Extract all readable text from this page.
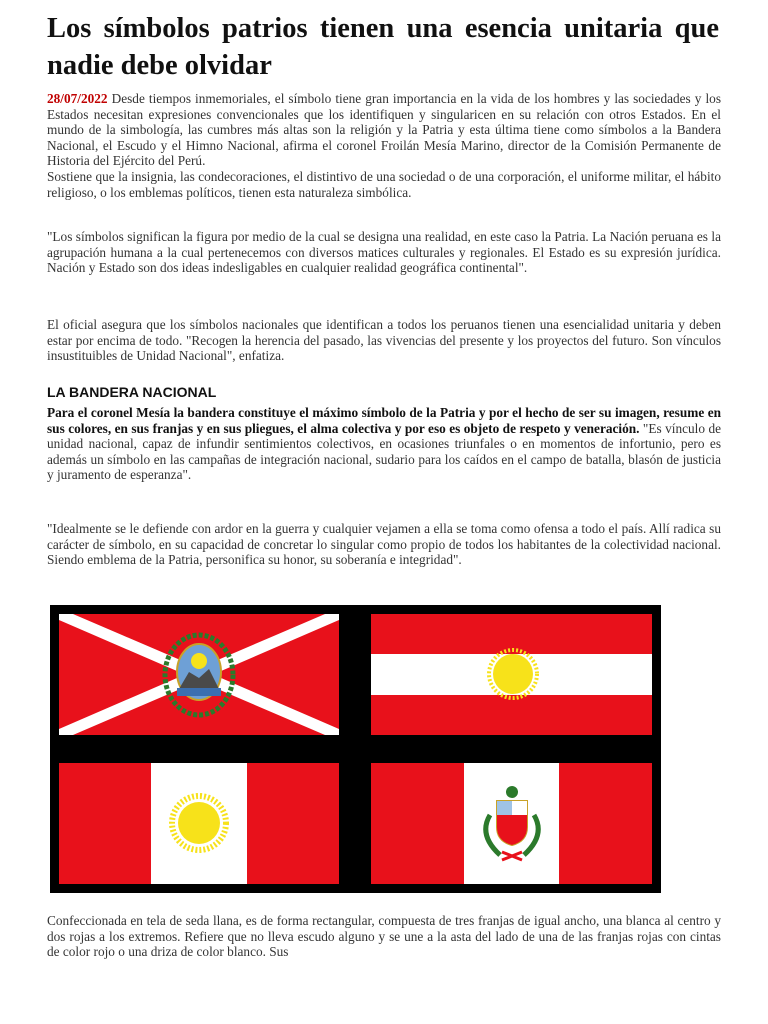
Los símbolos patrios tienen una esencia unitaria que nadie debe olvidar

28/07/2022 Desde tiempos inmemoriales, el símbolo tiene gran importancia en la vida de los hombres y las sociedades y los Estados necesitan expresiones convencionales que los identifiquen y singularicen en su relación con otros Estados. En el mundo de la simbología, las cumbres más altas son la religión y la Patria y esta última tiene como símbolos a la Bandera Nacional, el Escudo y el Himno Nacional, afirma el coronel Froilán Mesía Marino, director de la Comisión Permanente de Historia del Ejército del Perú.
Sostiene que la insignia, las condecoraciones, el distintivo de una sociedad o de una corporación, el uniforme militar, el hábito religioso, o los emblemas políticos, tienen esta naturaleza simbólica.

"Los símbolos significan la figura por medio de la cual se designa una realidad, en este caso la Patria. La Nación peruana es la agrupación humana a la cual pertenecemos con diversos matices culturales y regionales. El Estado es su expresión jurídica. Nación y Estado son dos ideas indesligables en cualquier realidad geográfica continental".

El oficial asegura que los símbolos nacionales que identifican a todos los peruanos tienen una esencialidad unitaria y deben estar por encima de todo. "Recogen la herencia del pasado, las vivencias del presente y los proyectos del futuro. Son vínculos insustituibles de Unidad Nacional", enfatiza.

LA BANDERA NACIONAL

Para el coronel Mesía la bandera constituye el máximo símbolo de la Patria y por el hecho de ser su imagen, resume en sus colores, en sus franjas y en sus pliegues, el alma colectiva y por eso es objeto de respeto y veneración. "Es vínculo de unidad nacional, capaz de infundir sentimientos colectivos, en ocasiones triunfales o en momentos de infortunio, pero es además un símbolo en las campañas de integración nacional, sudario para los caídos en el campo de batalla, blasón de justicia y juramento de esperanza".

"Idealmente se le defiende con ardor en la guerra y cualquier vejamen a ella se toma como ofensa a todo el país. Allí radica su carácter de símbolo, en su capacidad de concretar lo singular como propio de todos los habitantes de la colectividad nacional. Siendo emblema de la Patria, personifica su honor, su soberanía e integridad".

Confeccionada en tela de seda llana, es de forma rectangular, compuesta de tres franjas de igual ancho, una blanca al centro y dos rojas a los extremos. Refiere que no lleva escudo alguno y se une a la asta del lado de una de las franjas rojas con cintas de color rojo o una driza de color blanco. Sus
